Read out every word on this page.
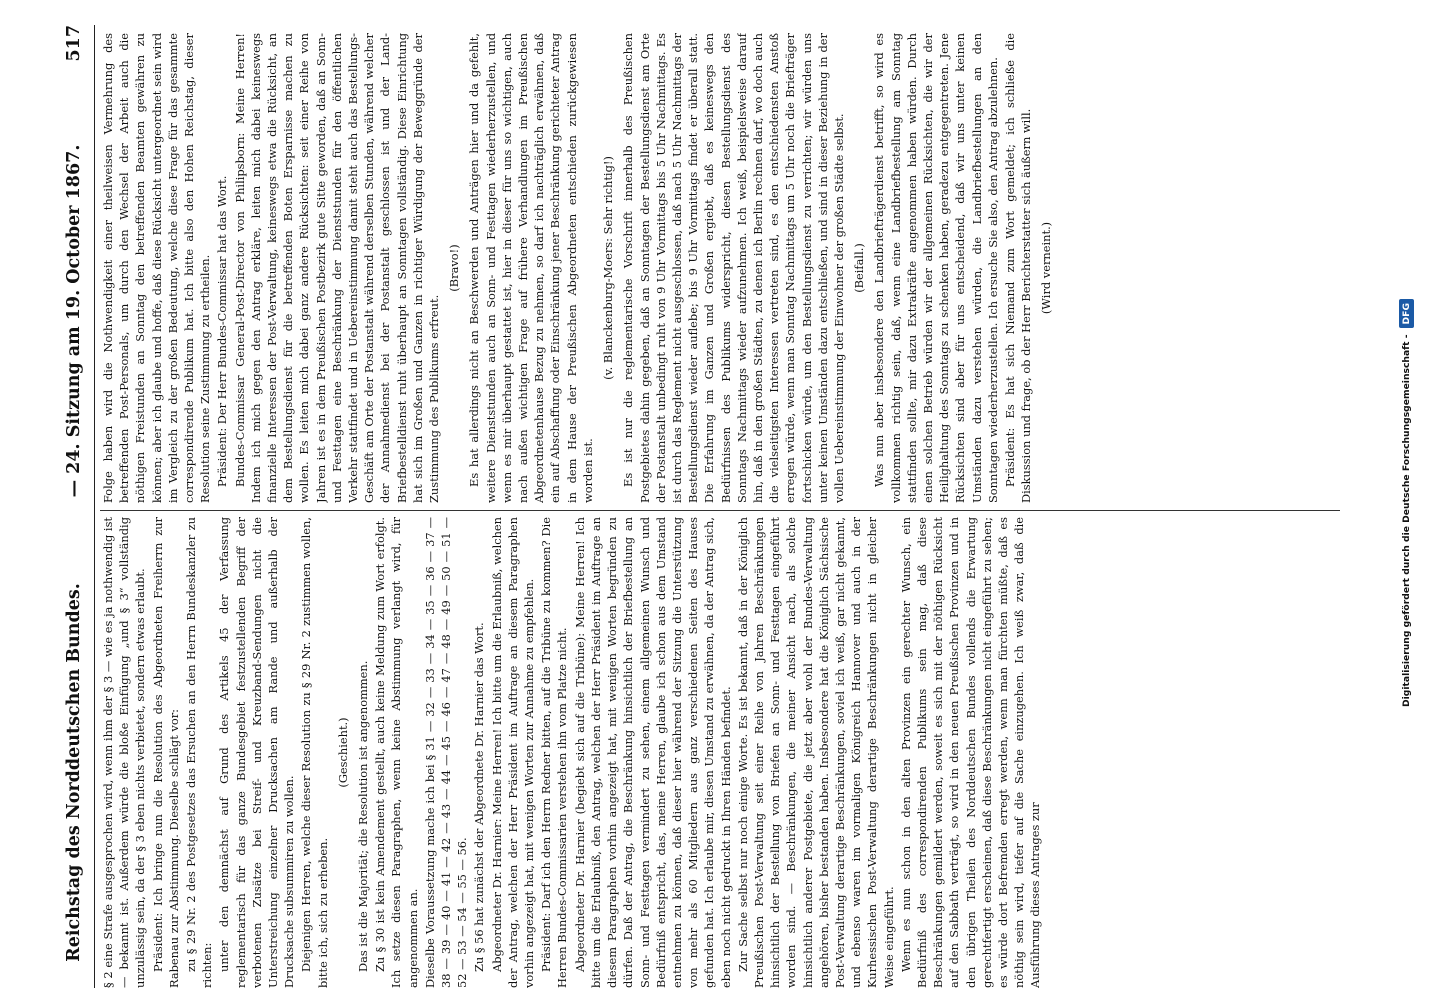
Reichstag des Norddeutschen Bundes.
— 24. Sitzung am 19. October 1867.
517

§ 2 eine Strafe ausgesprochen wird, wenn ihm der § 3 — wie es ja nothwendig ist — bekannt ist. Außerdem würde die bloße Einfügung „und § 3“ vollständig unzulässig sein, da der § 3 eben nichts verbietet, sondern etwas erlaubt. Präsident: Ich bringe nun die Resolution des Abgeordneten Freiherrn zur Rabenau zur Abstimmung. Dieselbe schlägt vor: zu § 29 Nr. 2 des Postgesetzes das Ersuchen an den Herrn Bundeskanzler zu richten: unter den demnächst auf Grund des Artikels 45 der Verfassung reglementarisch für das ganze Bundesgebiet festzustellenden Begriff der verbotenen Zusätze bei Streif- und Kreuzband-Sendungen nicht die Unterstreichung einzelner Drucksachen am Rande und außerhalb der Drucksache subsummiren zu wollen. Diejenigen Herren, welche dieser Resolution zu § 29 Nr. 2 zustimmen wollen, bitte ich, sich zu erheben.

(Geschieht.) Das ist die Majorität; die Resolution ist angenommen. Zu § 30 ist kein Amendement gestellt, auch keine Meldung zum Wort erfolgt. Ich setze diesen Paragraphen, wenn keine Abstimmung verlangt wird, für angenommen an. Dieselbe Voraussetzung mache ich bei § 31 — 32 — 33 — 34 — 35 — 36 — 37 — 38 — 39 — 40 — 41 — 42 — 43 — 44 — 45 — 46 — 47 — 48 — 49 — 50 — 51 — 52 — 53 — 54 — 55 — 56. Zu § 56 hat zunächst der Abgeordnete Dr. Harnier das Wort. Abgeordneter Dr. Harnier: Meine Herren! Ich bitte um die Erlaubniß, welchen der Antrag, welchen der Herr Präsident im Auftrage an diesem Paragraphen vorhin angezeigt hat, mit wenigen Worten zur Annahme zu empfehlen. Präsident: Darf ich den Herrn Redner bitten, auf die Tribüne zu kommen? Die Herren Bundes-Commissarien verstehen ihn vom Platze nicht. Abgeordneter Dr. Harnier (begiebt sich auf die Tribüne): Meine Herren! Ich bitte um die Erlaubniß, den Antrag, welchen der Herr Präsident im Auftrage an diesem Paragraphen vorhin angezeigt hat, mit wenigen Worten begründen zu dürfen. Daß der Antrag, die Beschränkung hinsichtlich der Briefbestellung an Sonn- und Festtagen vermindert zu sehen, einem allgemeinen Wunsch und Bedürfniß entspricht, das, meine Herren, glaube ich schon aus dem Umstand entnehmen zu können, daß dieser hier während der Sitzung die Unterstützung von mehr als 60 Mitgliedern aus ganz verschiedenen Seiten des Hauses gefunden hat. Ich erlaube mir, diesen Umstand zu erwähnen, da der Antrag sich, eben noch nicht gedruckt in Ihren Händen befindet. Zur Sache selbst nur noch einige Worte. Es ist bekannt, daß in der Königlich Preußischen Post-Verwaltung seit einer Reihe von Jahren Beschränkungen hinsichtlich der Bestellung von Briefen an Sonn- und Festtagen eingeführt worden sind. — Beschränkungen, die meiner Ansicht nach, als solche hinsichtlich anderer Postgebiete, die jetzt aber wohl der Bundes-Verwaltung angehören, bisher bestanden haben. Insbesondere hat die Königlich Sächsische Post-Verwaltung derartige Beschränkungen, soviel ich weiß, gar nicht gekannt, und ebenso waren im vormaligen Königreich Hannover und auch in der Kurhessischen Post-Verwaltung derartige Beschränkungen nicht in gleicher Weise eingeführt. Wenn es nun schon in den alten Provinzen ein gerechter Wunsch, ein Bedürfniß des correspondirenden Publikums sein mag, daß diese Beschränkungen gemildert werden, soweit es sich mit der nöthigen Rücksicht auf den Sabbath verträgt, so wird in den neuen Preußischen Provinzen und in den übrigen Theilen des Norddeutschen Bundes vollends die Erwartung gerechtfertigt erscheinen, daß diese Beschränkungen nicht eingeführt zu sehen; es würde dort Befremden erregt werden, wenn man fürchten müßte, daß es nöthig sein wird, tiefer auf die Sache einzugehen. Ich weiß zwar, daß die Ausführung dieses Antrages zur

Folge haben wird die Nothwendigkeit einer theilweisen Vermehrung des betreffenden Post-Personals, um durch den Wechsel der Arbeit auch die nöthigen Freistunden an Sonntag den betreffenden Beamten gewähren zu können; aber ich glaube und hoffe, daß diese Rücksicht untergeordnet sein wird im Vergleich zu der großen Bedeutung, welche diese Frage für das gesammte correspondirende Publikum hat. Ich bitte also den Hohen Reichstag, dieser Resolution seine Zustimmung zu ertheilen. Präsident: Der Herr Bundes-Commissar hat das Wort. Bundes-Commissar General-Post-Director von Philipsborn: Meine Herren! Indem ich mich gegen den Antrag erkläre, leiten mich dabei keineswegs finanzielle Interessen der Post-Verwaltung, keineswegs etwa die Rücksicht, an dem Bestellungsdienst für die betreffenden Boten Ersparnisse machen zu wollen. Es leiten mich dabei ganz andere Rücksichten: seit einer Reihe von Jahren ist es in dem Preußischen Postbezirk gute Sitte geworden, daß an Sonn- und Festtagen eine Beschränkung der Dienststunden für den öffentlichen Verkehr stattfindet und in Uebereinstimmung damit steht auch das Bestellungs-Geschäft am Orte der Postanstalt während derselben Stunden, während welcher der Annahmedienst bei der Postanstalt geschlossen ist und der Land-Briefbestelldienst ruht überhaupt an Sonntagen vollständig. Diese Einrichtung hat sich im Großen und Ganzen in richtiger Würdigung der Beweggründe der Zustimmung des Publikums erfreut.

(Bravo!) Es hat allerdings nicht an Beschwerden und Anträgen hier und da gefehlt, weitere Dienststunden auch an Sonn- und Festtagen wiederherzustellen, und wenn es mir überhaupt gestattet ist, hier in dieser für uns so wichtigen, auch nach außen wichtigen Frage auf frühere Verhandlungen im Preußischen Abgeordnetenhause Bezug zu nehmen, so darf ich nachträglich erwähnen, daß ein auf Abschaffung oder Einschränkung jener Beschränkung gerichteter Antrag in dem Hause der Preußischen Abgeordneten entschieden zurückgewiesen worden ist.

(v. Blanckenburg-Moers: Sehr richtig!) Es ist nur die reglementarische Vorschrift innerhalb des Preußischen Postgebietes dahin gegeben, daß an Sonntagen der Bestellungsdienst am Orte der Postanstalt unbedingt ruht von 9 Uhr Vormittags bis 5 Uhr Nachmittags. Es ist durch das Reglement nicht ausgeschlossen, daß nach 5 Uhr Nachmittags der Bestellungsdienst wieder auflebe; bis 9 Uhr Vormittags findet er überall statt. Die Erfahrung im Ganzen und Großen ergiebt, daß es keineswegs den Bedürfnissen des Publikums widerspricht, diesen Bestellungsdienst des Sonntags Nachmittags wieder aufzunehmen. Ich weiß, beispielsweise darauf hin, daß in den großen Städten, zu denen ich Berlin rechnen darf, wo doch auch die vielseitigsten Interessen vertreten sind, es den entschiedensten Anstoß erregen würde, wenn man Sonntag Nachmittags um 5 Uhr noch die Briefträger fortschicken würde, um den Bestellungsdienst zu verrichten; wir würden uns unter keinen Umständen dazu entschließen, und sind in dieser Beziehung in der vollen Uebereinstimmung der Einwohner der großen Städte selbst. (Beifall.) Was nun aber insbesondere den Landbriefträgerdienst betrifft, so wird es vollkommen richtig sein, daß, wenn eine Landbriefbestellung am Sonntag stattfinden sollte, mir dazu Extrakräfte angenommen haben würden. Durch einen solchen Betrieb würden wir der allgemeinen Rücksichten, die wir der Heilighaltung des Sonntags zu schenken haben, geradezu entgegentreten. Jene Rücksichten sind aber für uns entscheidend, daß wir uns unter keinen Umständen dazu verstehen würden, die Landbriefbestellungen an den Sonntagen wiederherzustellen. Ich ersuche Sie also, den Antrag abzulehnen. Präsident: Es hat sich Niemand zum Wort gemeldet; ich schließe die Diskussion und frage, ob der Herr Berichterstatter sich äußern will. (Wird verneint.)

Digitalisierung gefördert durch die Deutsche Forschungsgemeinschaft -
DFG
